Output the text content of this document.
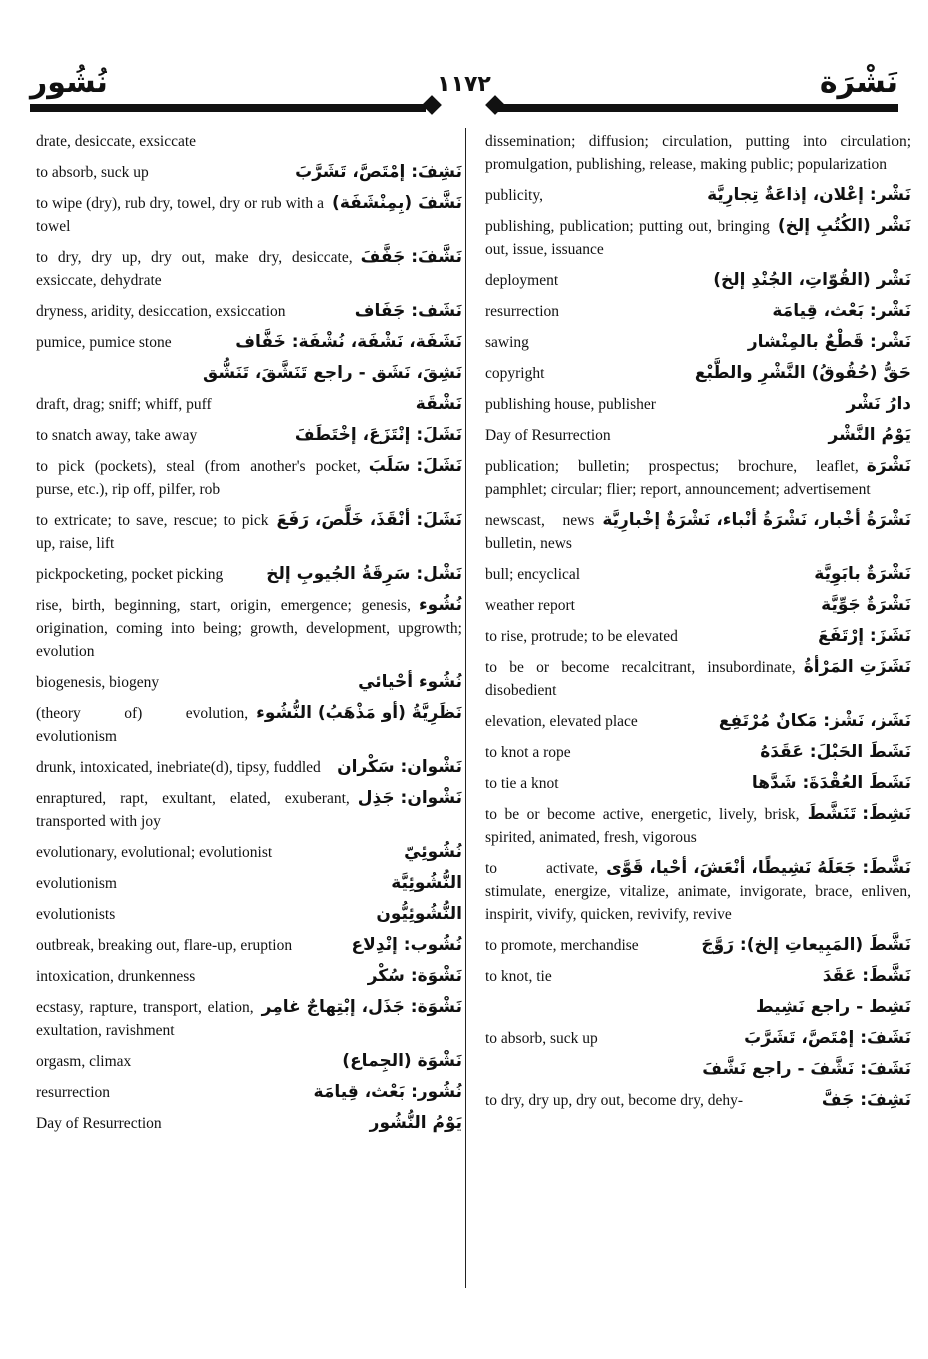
نُشُور	١١٧٢	نَشْرَة
drate, desiccate, exsiccate
نَشِفَ: إمْتَصَّ، تَشَرَّبَ
to absorb, suck up
نَشَّفَ (بِمِنْشَفَة)
to wipe (dry), rub dry, towel, dry or rub with a towel
نَشَّفَ: جَفَّفَ
to dry, dry up, dry out, make dry, desiccate, exsiccate, dehydrate
نَشَف: جَفَاف
dryness, aridity, desiccation, exsiccation
نَشَفَة، نَشْفَة، نُشْفَة: خَفَّاف
pumice, pumice stone
نَشِقَ، نَشَق - راجع تَنَشَّقَ، تَنَشُّق
نَشْقَة
draft, drag; sniff; whiff, puff
نَشَلَ: إنْتَزَعَ، إخْتَطَفَ
to snatch away, take away
نَشَلَ: سَلَبَ
to pick (pockets), steal (from another's pocket, purse, etc.), rip off, pilfer, rob
نَشَلَ: أنْقَذَ، خَلَّصَ، رَفَعَ
to extricate; to save, rescue; to pick up, raise, lift
نَشْل: سَرِقَةُ الجُيوبِ إلخ
pickpocketing, pocket picking
نُشُوء
rise, birth, beginning, start, origin, emergence; genesis, origination, coming into being; growth, development, upgrowth; evolution
نُشُوء أحْيائي
biogenesis, biogeny
نَظَرِيَّةُ (أو مَذْهَبُ) النُّشُوء
(theory of) evolution, evolutionism
نَشْوان: سَكْران
drunk, intoxicated, inebriate(d), tipsy, fuddled
نَشْوان: جَذِل
enraptured, rapt, exultant, elated, exuberant, transported with joy
نُشُوئِيّ
evolutionary, evolutional; evolutionist
النُّشُوئِيَّة
evolutionism
النُّشُوئِيُّون
evolutionists
نُشُوب: إنْدِلاع
outbreak, breaking out, flare-up, eruption
نَشْوَة: سُكْر
intoxication, drunkenness
نَشْوَة: جَذَل، إبْتِهاجٌ غامِر
ecstasy, rapture, transport, elation, exultation, ravishment
نَشْوَة (الجِماع)
orgasm, climax
نُشُور: بَعْث، قِيامَة
resurrection
يَوْمُ النُّشُور
Day of Resurrection
dissemination; diffusion; circulation, putting into circulation; promulgation, publishing, release, making public; popularization
نَشْر: إعْلان، إذاعَةٌ تِجارِيَّة
publicity,
نَشْر (الكُتُبِ إلخ)
publishing, publication; putting out, bringing out, issue, issuance
نَشْر (القُوّاتِ، الجُنْدِ إلخ)
deployment
نَشْر: بَعْث، قِيامَة
resurrection
نَشْر: قَطْعٌ بالمِنْشار
sawing
حَقُّ (حُقُوقُ) النَّشْرِ والطَّبْع
copyright
دارُ نَشْر
publishing house, publisher
يَوْمُ النَّشْر
Day of Resurrection
نَشْرَة
publication; bulletin; prospectus; brochure, leaflet, pamphlet; circular; flier; report, announcement; advertisement
نَشْرَةُ أخْبار، نَشْرَةُ أنْباء، نَشْرَةٌ إخْبارِيَّة
newscast, news bulletin, news
نَشْرَةٌ بابَوِيَّة
bull; encyclical
نَشْرَةٌ جَوِّيَّة
weather report
نَشَزَ: إرْتَفَعَ
to rise, protrude; to be elevated
نَشَزَتِ المَرْأةُ
to be or become recalcitrant, insubordinate, disobedient
نَشَز، نَشْز: مَكانٌ مُرْتَفِع
elevation, elevated place
نَشَطَ الحَبْلَ: عَقَدَهُ
to knot a rope
نَشَطَ العُقْدَةَ: شَدَّها
to tie a knot
نَشِطَ: تَنَشَّطَ
to be or become active, energetic, lively, brisk, spirited, animated, fresh, vigorous
نَشَّطَ: جَعَلَهُ نَشِيطًا، أنْعَشَ، أحْيا، قَوَّى
to activate, stimulate, energize, vitalize, animate, invigorate, brace, enliven, inspirit, vivify, quicken, revivify, revive
نَشَّطَ (المَبِيعاتِ إلخ): رَوَّجَ
to promote, merchandise
نَشَّطَ: عَقَدَ
to knot, tie
نَشِط - راجع نَشِيط
نَشَفَ: إمْتَصَّ، تَشَرَّبَ
to absorb, suck up
نَشَفَ: نَشَّفَ - راجع نَشَّفَ
نَشِفَ: جَفَّ
to dry, dry up, dry out, become dry, dehy-
